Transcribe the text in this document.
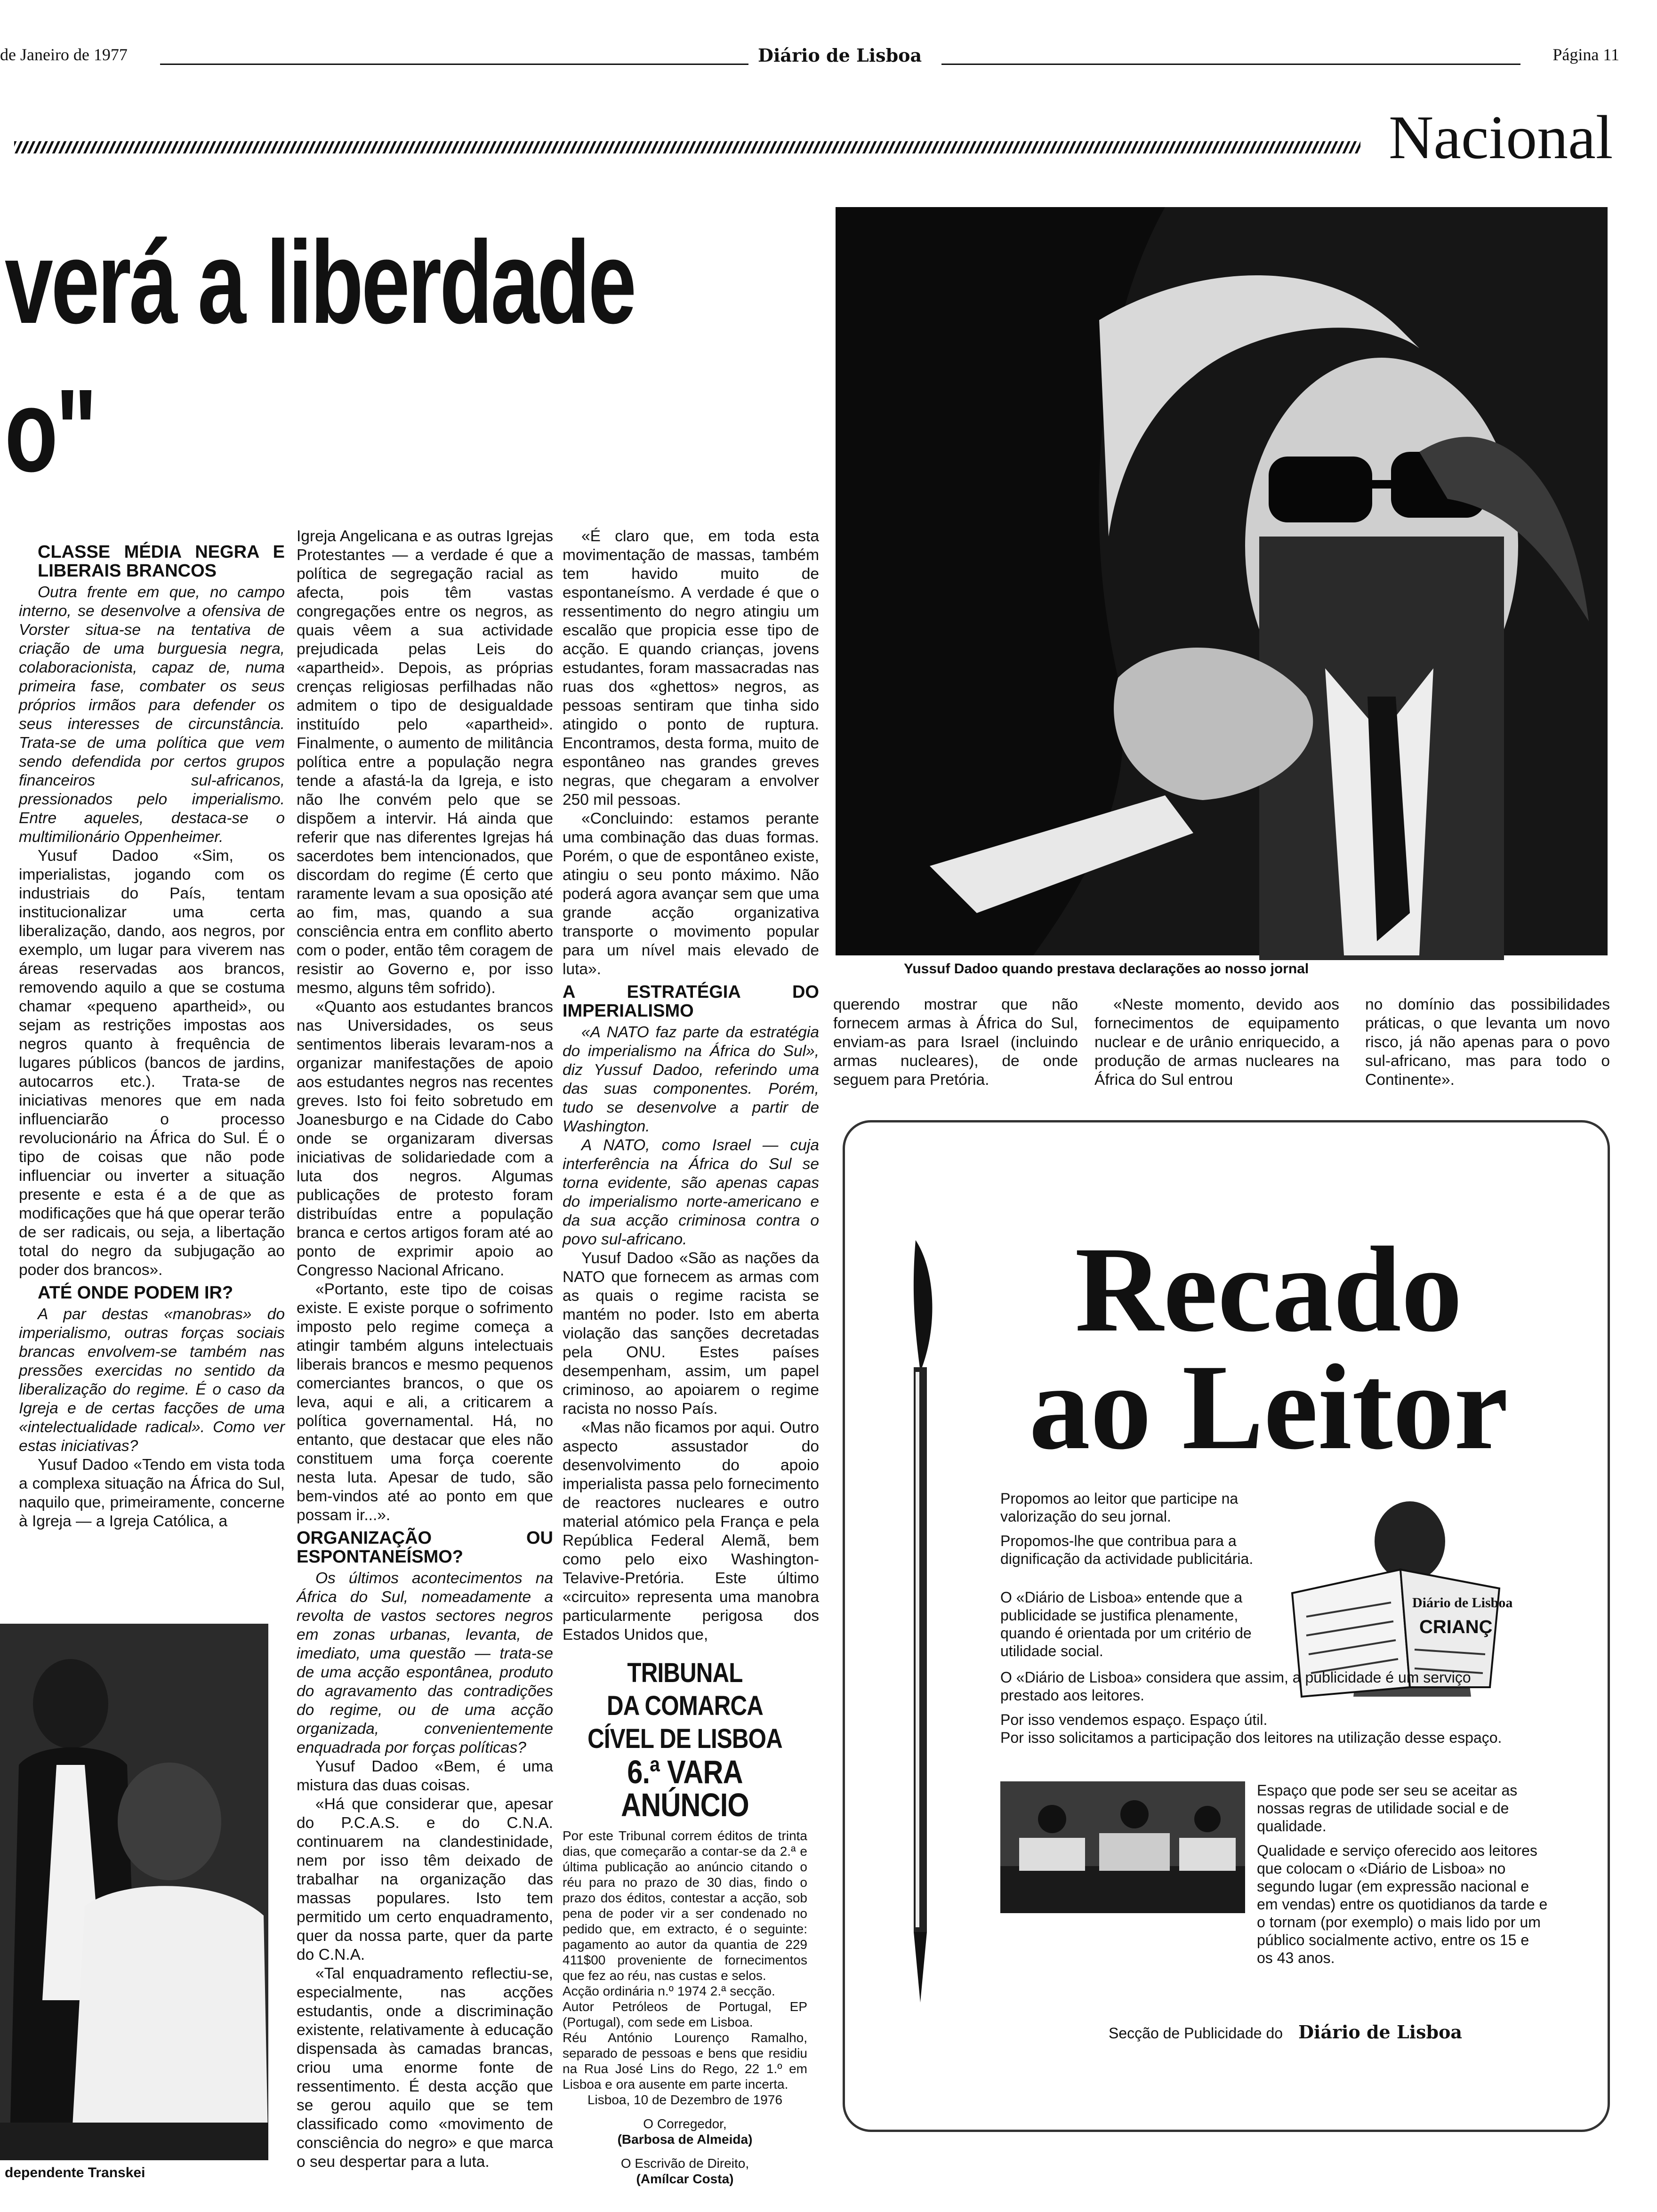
de Janeiro de 1977	Diário de Lisboa	Página 11
Nacional
verá a liberdade
o"
Yussuf Dadoo quando prestava declarações ao nosso jornal

CLASSE MÉDIA NEGRA E LIBERAIS BRANCOS

Outra frente em que, no campo interno, se desenvolve a ofensiva de Vorster situa-se na tentativa de criação de uma burguesia negra, colaboracionista, capaz de, numa primeira fase, combater os seus próprios irmãos para defender os seus interesses de circunstância. Trata-se de uma política que vem sendo defendida por certos grupos financeiros sul-africanos, pressionados pelo imperialismo. Entre aqueles, destaca-se o multimilionário Oppenheimer.

Yusuf Dadoo «Sim, os imperialistas, jogando com os industriais do País, tentam institucionalizar uma certa liberalização, dando, aos negros, por exemplo, um lugar para viverem nas áreas reservadas aos brancos, removendo aquilo a que se costuma chamar «pequeno apartheid», ou sejam as restrições impostas aos negros quanto à frequência de lugares públicos (bancos de jardins, autocarros etc.). Trata-se de iniciativas menores que em nada influenciarão o processo revolucionário na África do Sul. É o tipo de coisas que não pode influenciar ou inverter a situação presente e esta é a de que as modificações que há que operar terão de ser radicais, ou seja, a libertação total do negro da subjugação ao poder dos brancos».

ATÉ ONDE PODEM IR?

A par destas «manobras» do imperialismo, outras forças sociais brancas envolvem-se também nas pressões exercidas no sentido da liberalização do regime. É o caso da Igreja e de certas facções de uma «intelectualidade radical». Como ver estas iniciativas?

Yusuf Dadoo «Tendo em vista toda a complexa situação na África do Sul, naquilo que, primeiramente, concerne à Igreja — a Igreja Católica, a

dependente Transkei

Igreja Angelicana e as outras Igrejas Protestantes — a verdade é que a política de segregação racial as afecta, pois têm vastas congregações entre os negros, as quais vêem a sua actividade prejudicada pelas Leis do «apartheid». Depois, as próprias crenças religiosas perfilhadas não admitem o tipo de desigualdade instituído pelo «apartheid». Finalmente, o aumento de militância política entre a população negra tende a afastá-la da Igreja, e isto não lhe convém pelo que se dispõem a intervir. Há ainda que referir que nas diferentes Igrejas há sacerdotes bem intencionados, que discordam do regime (É certo que raramente levam a sua oposição até ao fim, mas, quando a sua consciência entra em conflito aberto com o poder, então têm coragem de resistir ao Governo e, por isso mesmo, alguns têm sofrido).

«Quanto aos estudantes brancos nas Universidades, os seus sentimentos liberais levaram-nos a organizar manifestações de apoio aos estudantes negros nas recentes greves. Isto foi feito sobretudo em Joanesburgo e na Cidade do Cabo onde se organizaram diversas iniciativas de solidariedade com a luta dos negros. Algumas publicações de protesto foram distribuídas entre a população branca e certos artigos foram até ao ponto de exprimir apoio ao Congresso Nacional Africano.

«Portanto, este tipo de coisas existe. E existe porque o sofrimento imposto pelo regime começa a atingir também alguns intelectuais liberais brancos e mesmo pequenos comerciantes brancos, o que os leva, aqui e ali, a criticarem a política governamental. Há, no entanto, que destacar que eles não constituem uma força coerente nesta luta. Apesar de tudo, são bem-vindos até ao ponto em que possam ir...».

ORGANIZAÇÃO OU ESPONTANEÍSMO?

Os últimos acontecimentos na África do Sul, nomeadamente a revolta de vastos sectores negros em zonas urbanas, levanta, de imediato, uma questão — trata-se de uma acção espontânea, produto do agravamento das contradições do regime, ou de uma acção organizada, convenientemente enquadrada por forças políticas?

Yusuf Dadoo «Bem, é uma mistura das duas coisas.

«Há que considerar que, apesar do P.C.A.S. e do C.N.A. continuarem na clandestinidade, nem por isso têm deixado de trabalhar na organização das massas populares. Isto tem permitido um certo enquadramento, quer da nossa parte, quer da parte do C.N.A.

«Tal enquadramento reflectiu-se, especialmente, nas acções estudantis, onde a discriminação existente, relativamente à educação dispensada às camadas brancas, criou uma enorme fonte de ressentimento. É desta acção que se gerou aquilo que se tem classificado como «movimento de consciência do negro» e que marca o seu despertar para a luta.

«É claro que, em toda esta movimentação de massas, também tem havido muito de espontaneísmo. A verdade é que o ressentimento do negro atingiu um escalão que propicia esse tipo de acção. E quando crianças, jovens estudantes, foram massacradas nas ruas dos «ghettos» negros, as pessoas sentiram que tinha sido atingido o ponto de ruptura. Encontramos, desta forma, muito de espontâneo nas grandes greves negras, que chegaram a envolver 250 mil pessoas.

«Concluindo: estamos perante uma combinação das duas formas. Porém, o que de espontâneo existe, atingiu o seu ponto máximo. Não poderá agora avançar sem que uma grande acção organizativa transporte o movimento popular para um nível mais elevado de luta».

A ESTRATÉGIA DO IMPERIALISMO

«A NATO faz parte da estratégia do imperialismo na África do Sul», diz Yussuf Dadoo, referindo uma das suas componentes. Porém, tudo se desenvolve a partir de Washington.

A NATO, como Israel — cuja interferência na África do Sul se torna evidente, são apenas capas do imperialismo norte-americano e da sua acção criminosa contra o povo sul-africano.

Yusuf Dadoo «São as nações da NATO que fornecem as armas com as quais o regime racista se mantém no poder. Isto em aberta violação das sanções decretadas pela ONU. Estes países desempenham, assim, um papel criminoso, ao apoiarem o regime racista no nosso País.

«Mas não ficamos por aqui. Outro aspecto assustador do desenvolvimento do apoio imperialista passa pelo fornecimento de reactores nucleares e outro material atómico pela França e pela República Federal Alemã, bem como pelo eixo Washington-Telavive-Pretória. Este último «circuito» representa uma manobra particularmente perigosa dos Estados Unidos que,

querendo mostrar que não fornecem armas à África do Sul, enviam-as para Israel (incluindo armas nucleares), de onde seguem para Pretória.

«Neste momento, devido aos fornecimentos de equipamento nuclear e de urânio enriquecido, a produção de armas nucleares na África do Sul entrou

no domínio das possibilidades práticas, o que levanta um novo risco, já não apenas para o povo sul-africano, mas para todo o Continente».

TRIBUNAL
DA COMARCA
CÍVEL DE LISBOA
6.ª VARA
ANÚNCIO

Por este Tribunal correm éditos de trinta dias, que começarão a contar-se da 2.ª e última publicação ao anúncio citando o réu para no prazo de 30 dias, findo o prazo dos éditos, contestar a acção, sob pena de poder vir a ser condenado no pedido que, em extracto, é o seguinte: pagamento ao autor da quantia de 229 411$00 proveniente de fornecimentos que fez ao réu, nas custas e selos.

Acção ordinária n.º 1974 2.ª secção.

Autor Petróleos de Portugal, EP (Portugal), com sede em Lisboa.

Réu António Lourenço Ramalho, separado de pessoas e bens que residiu na Rua José Lins do Rego, 22 1.º em Lisboa e ora ausente em parte incerta.

Lisboa, 10 de Dezembro de 1976

O Corregedor,
(Barbosa de Almeida)
O Escrivão de Direito,
(Amílcar Costa)
Recado
ao Leitor
Diário de Lisboa
CRIANÇ

Propomos ao leitor que participe na valorização do seu jornal.

Propomos-lhe que contribua para a dignificação da actividade publicitária.

O «Diário de Lisboa» entende que a publicidade se justifica plenamente, quando é orientada por um critério de utilidade social.

O «Diário de Lisboa» considera que assim, a publicidade é um serviço prestado aos leitores.

Por isso vendemos espaço. Espaço útil.

Por isso solicitamos a participação dos leitores na utilização desse espaço.

Espaço que pode ser seu se aceitar as nossas regras de utilidade social e de qualidade.

Qualidade e serviço oferecido aos leitores que colocam o «Diário de Lisboa» no segundo lugar (em expressão nacional e em vendas) entre os quotidianos da tarde e o tornam (por exemplo) o mais lido por um público socialmente activo, entre os 15 e os 43 anos.

Secção de Publicidade do Diário de Lisboa
